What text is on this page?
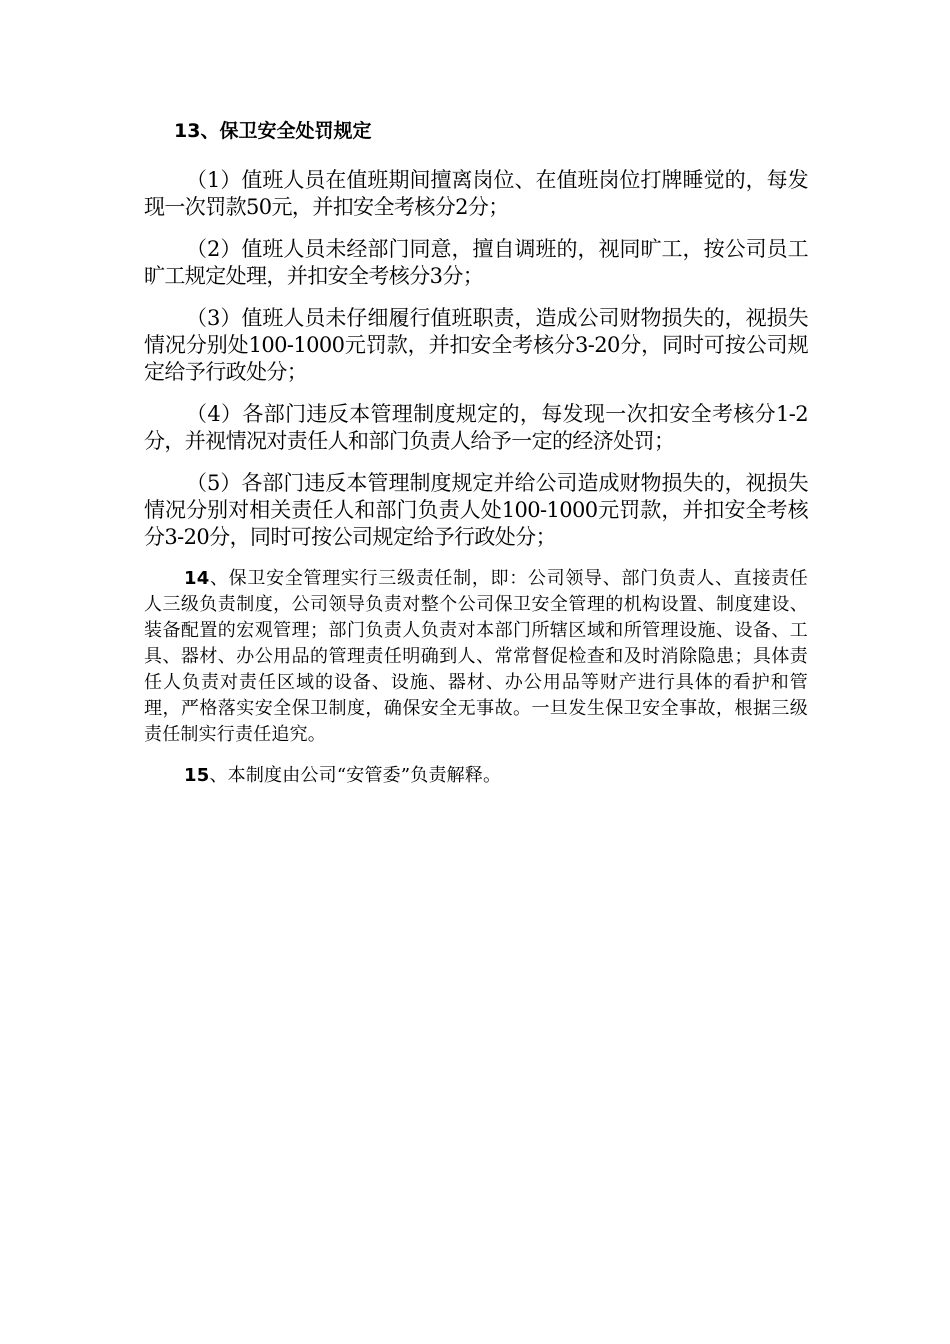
13、保卫安全处罚规定

（1）值班人员在值班期间擅离岗位、在值班岗位打牌睡觉的，每发现一次罚款50元，并扣安全考核分2分；

（2）值班人员未经部门同意，擅自调班的，视同旷工，按公司员工旷工规定处理，并扣安全考核分3分；

（3）值班人员未仔细履行值班职责，造成公司财物损失的，视损失情况分别处100-1000元罚款，并扣安全考核分3-20分，同时可按公司规定给予行政处分；

（4）各部门违反本管理制度规定的，每发现一次扣安全考核分1-2分，并视情况对责任人和部门负责人给予一定的经济处罚；

（5）各部门违反本管理制度规定并给公司造成财物损失的，视损失情况分别对相关责任人和部门负责人处100-1000元罚款，并扣安全考核分3-20分，同时可按公司规定给予行政处分；

14、保卫安全管理实行三级责任制，即：公司领导、部门负责人、直接责任人三级负责制度，公司领导负责对整个公司保卫安全管理的机构设置、制度建设、装备配置的宏观管理；部门负责人负责对本部门所辖区域和所管理设施、设备、工具、器材、办公用品的管理责任明确到人、常常督促检查和及时消除隐患；具体责任人负责对责任区域的设备、设施、器材、办公用品等财产进行具体的看护和管理，严格落实安全保卫制度，确保安全无事故。一旦发生保卫安全事故，根据三级责任制实行责任追究。

15、本制度由公司“安管委”负责解释。
